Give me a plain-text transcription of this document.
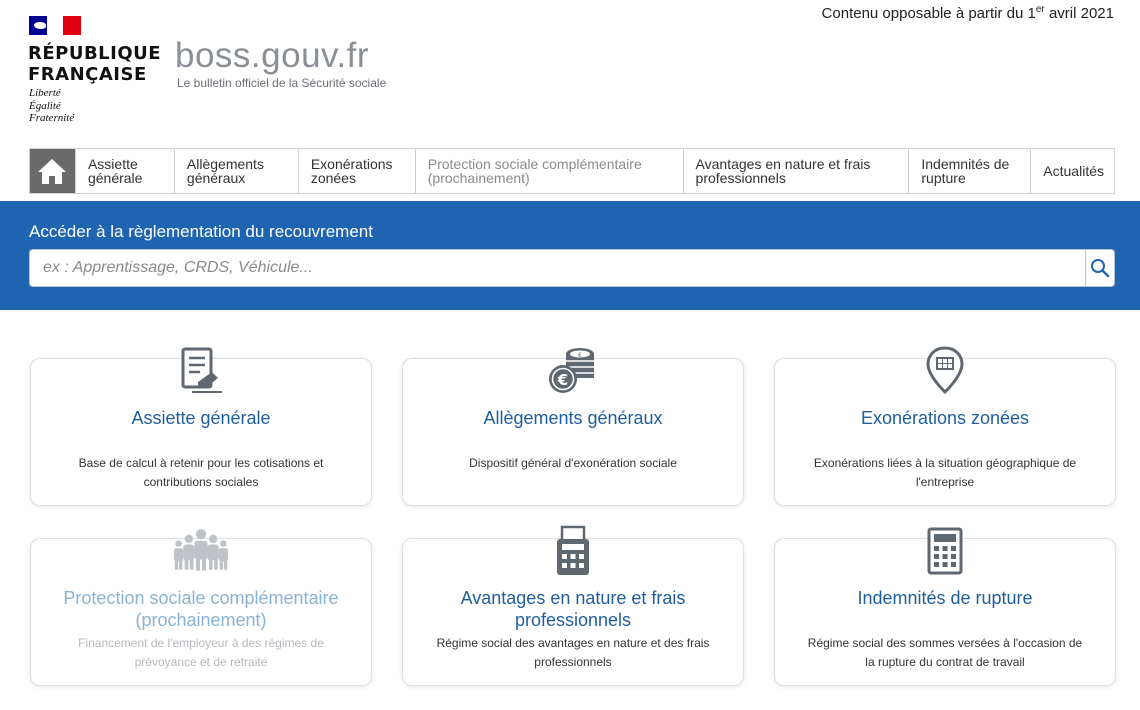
RÉPUBLIQUE
FRANÇAISE
Liberté
Égalité
Fraternité
boss.gouv.fr
Le bulletin officiel de la Sécurité sociale
Contenu opposable à partir du 1er avril 2021
Assiette
générale
Allègements
généraux
Exonérations
zonées
Protection sociale complémentaire
(prochainement)
Avantages en nature et frais
professionnels
Indemnités de
rupture	Actualités
Accéder à la règlementation du recouvrement
ex : Apprentissage, CRDS, Véhicule...
Assiette générale
Base de calcul à retenir pour les cotisations et contributions sociales
€
€
Allègements généraux
Dispositif général d'exonération sociale
Exonérations zonées
Exonérations liées à la situation géographique de l'entreprise
Protection sociale complémentaire (prochainement)
Financement de l'employeur à des régimes de prévoyance et de retraite
Avantages en nature et frais professionnels
Régime social des avantages en nature et des frais professionnels
Indemnités de rupture
Régime social des sommes versées à l'occasion de la rupture du contrat de travail
